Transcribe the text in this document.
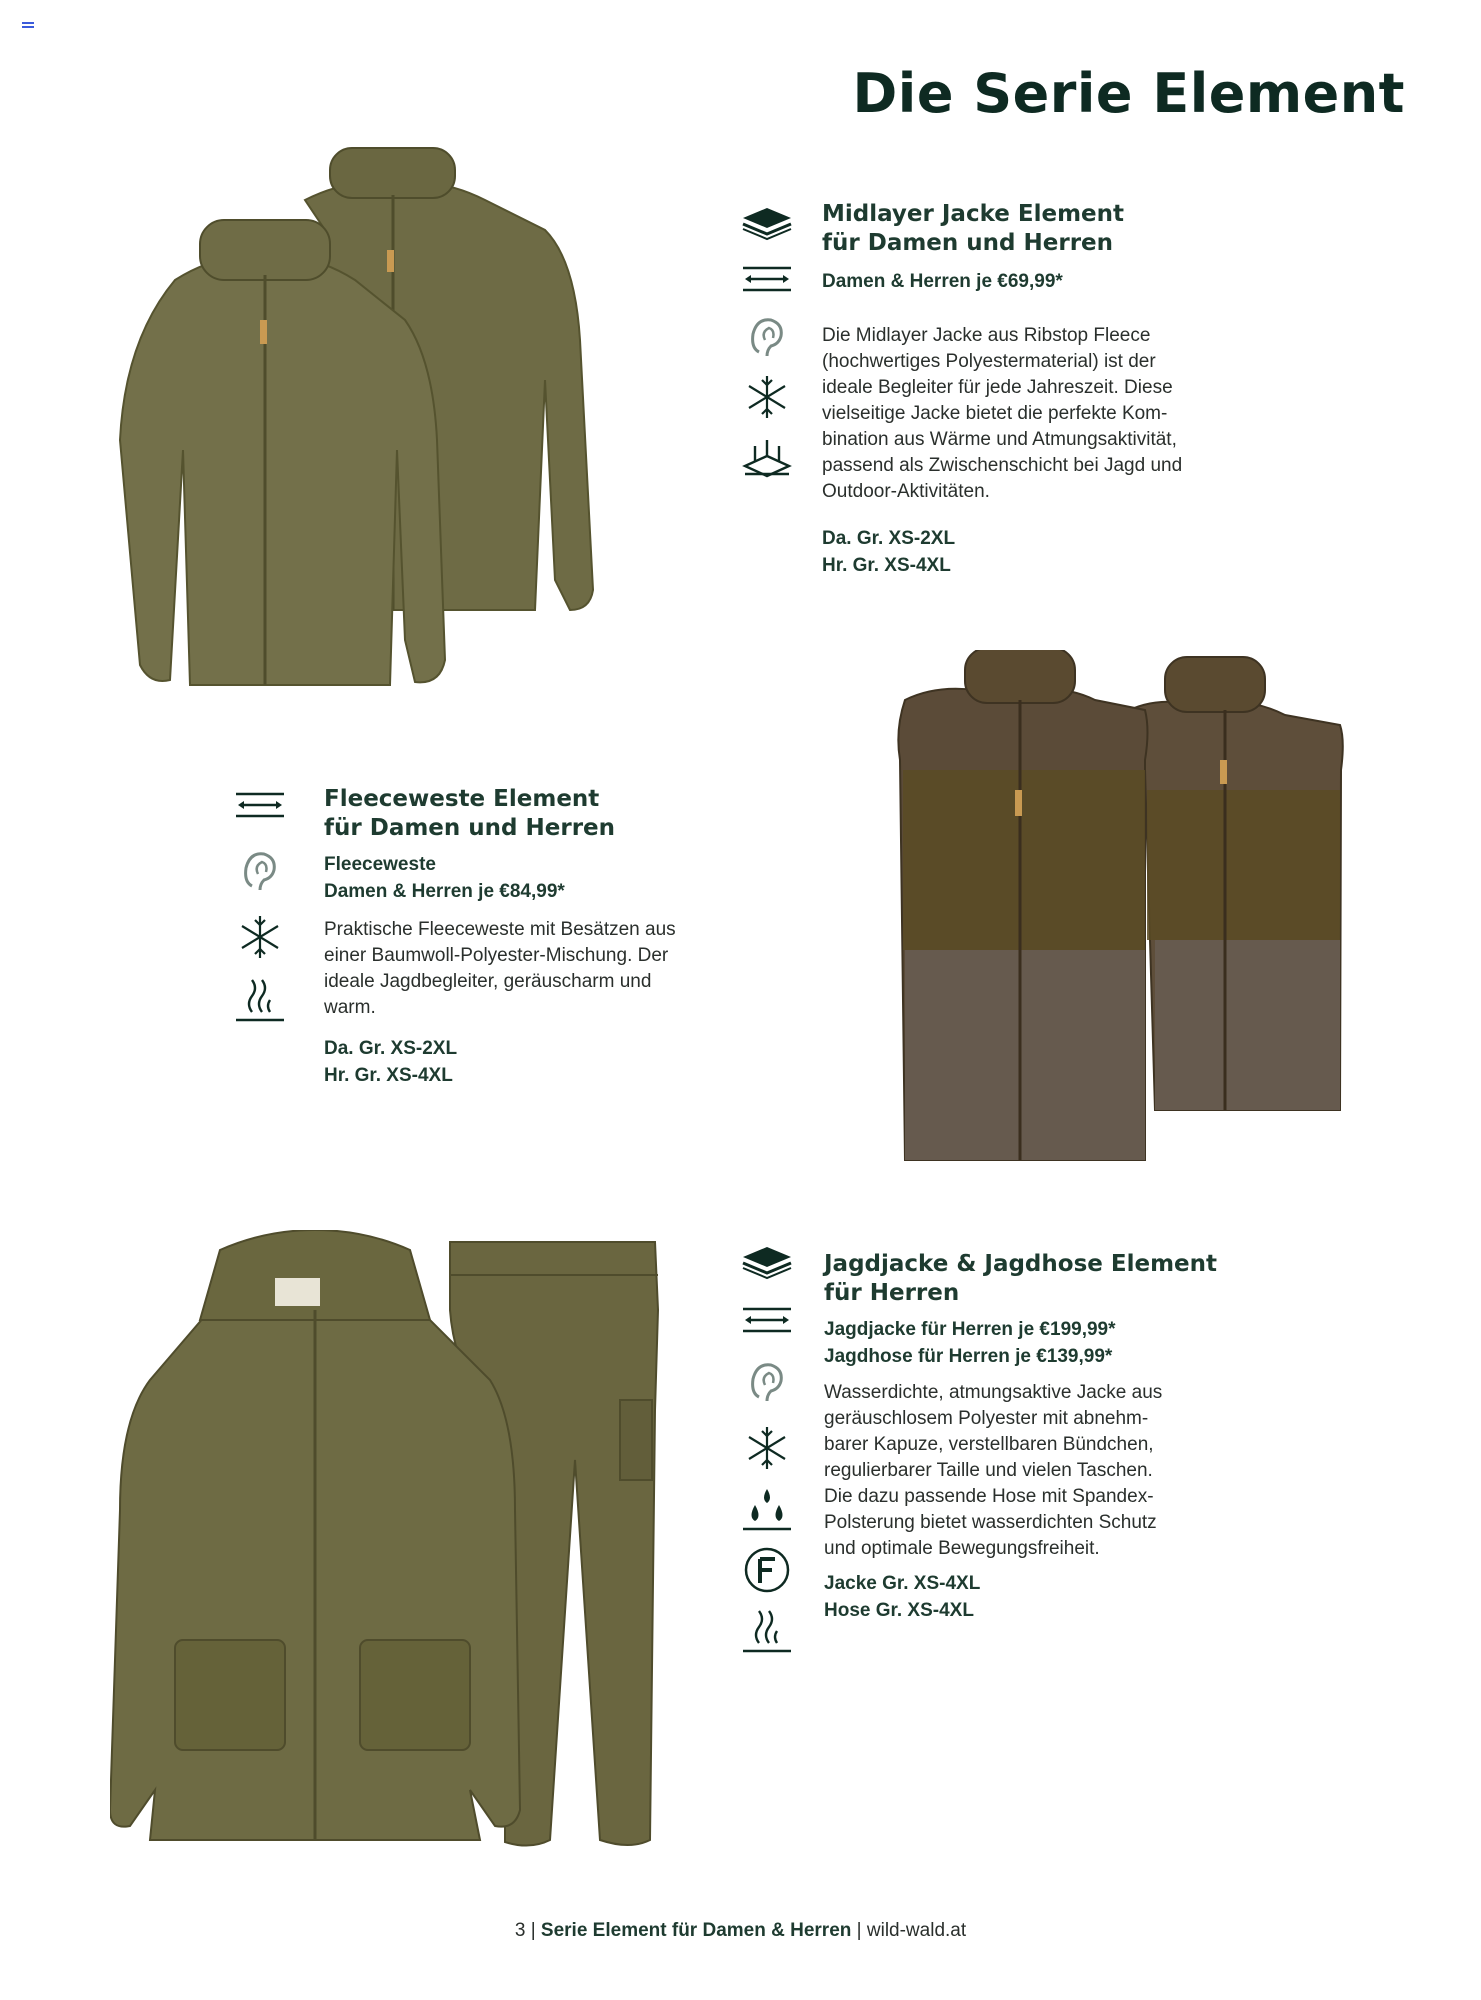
Die Serie Element
Midlayer Jacke Element
für Damen und Herren
Damen & Herren je €69,99*
Die Midlayer Jacke aus Ribstop Fleece
(hochwertiges Polyestermaterial) ist der
ideale Begleiter für jede Jahreszeit. Diese
vielseitige Jacke bietet die perfekte Kom-
bination aus Wärme und Atmungsaktivität,
passend als Zwischenschicht bei Jagd und
Outdoor-Aktivitäten.
Da. Gr. XS-2XL
Hr. Gr. XS-4XL
Fleeceweste Element
für Damen und Herren
Fleeceweste
Damen & Herren je €84,99*
Praktische Fleeceweste mit Besätzen aus
einer Baumwoll-Polyester-Mischung. Der
ideale Jagdbegleiter, geräuscharm und
warm.
Da. Gr. XS-2XL
Hr. Gr. XS-4XL
Jagdjacke & Jagdhose Element
für Herren
Jagdjacke für Herren je €199,99*
Jagdhose für Herren je €139,99*
Wasserdichte, atmungsaktive Jacke aus
geräuschlosem Polyester mit abnehm-
barer Kapuze, verstellbaren Bündchen,
regulierbarer Taille und vielen Taschen.
Die dazu passende Hose mit Spandex-
Polsterung bietet wasserdichten Schutz
und optimale Bewegungsfreiheit.
Jacke Gr. XS-4XL
Hose Gr. XS-4XL
3 | Serie Element für Damen & Herren | wild-wald.at
